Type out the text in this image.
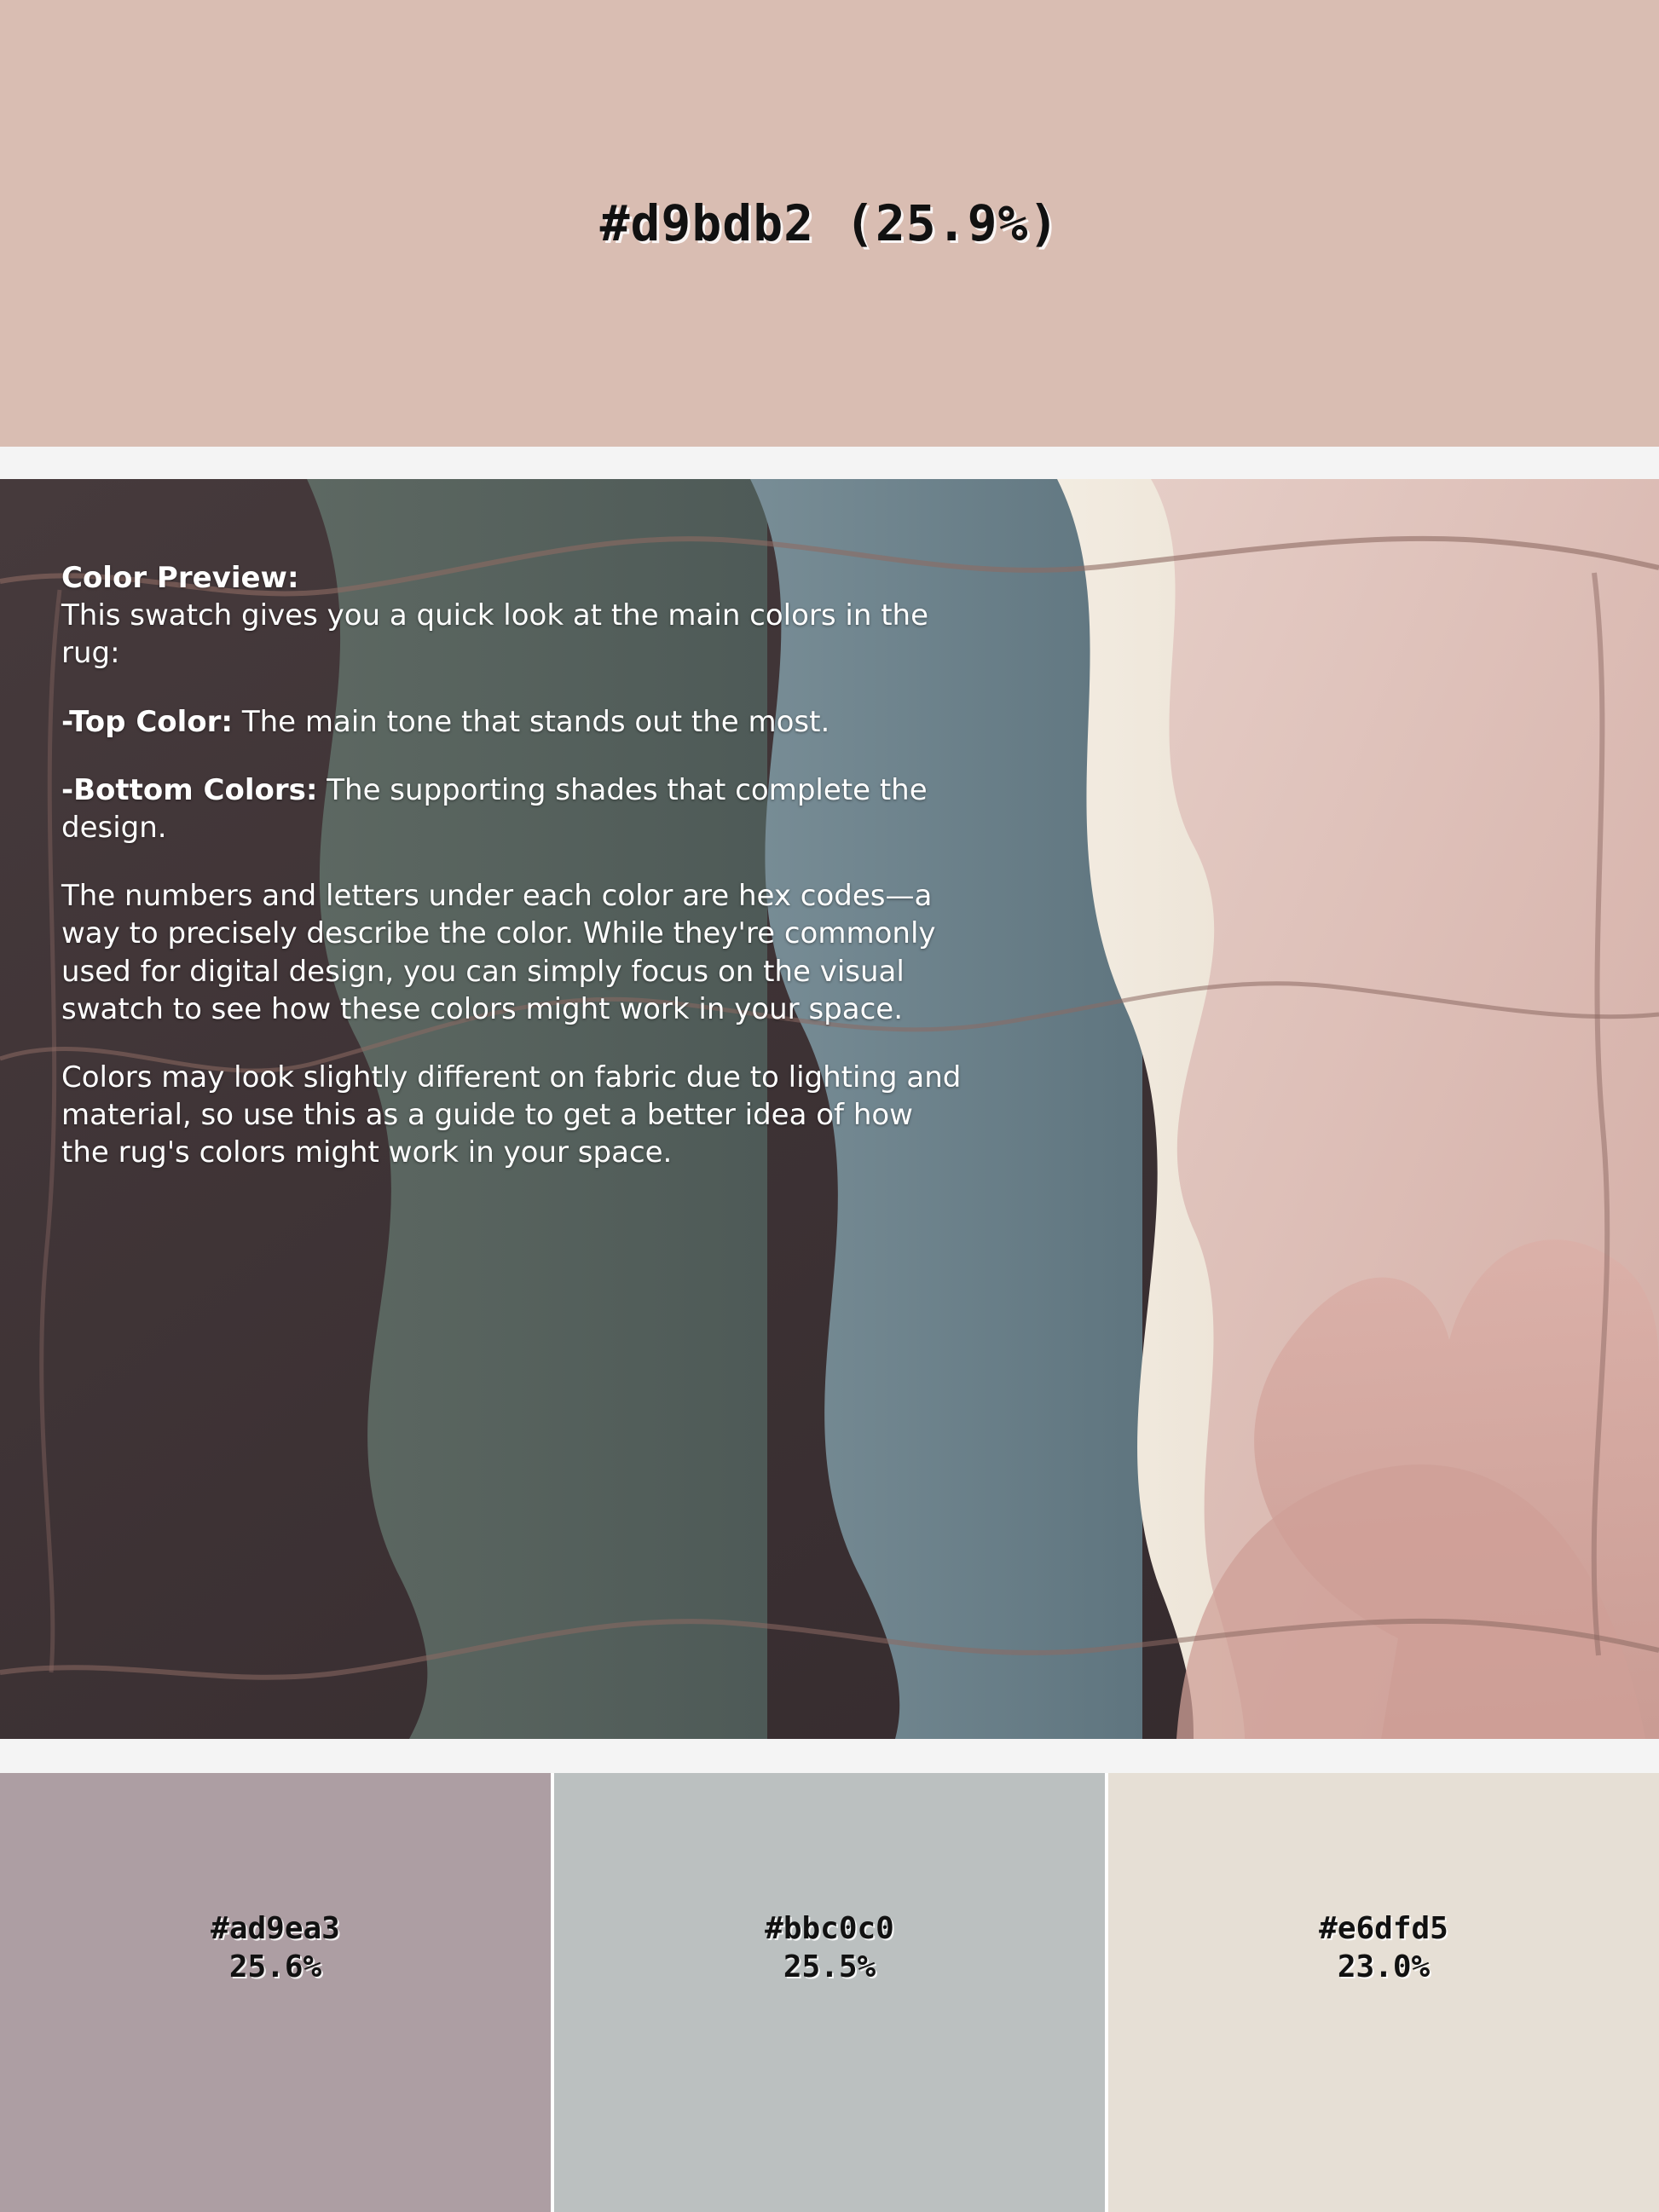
#d9bdb2 (25.9%)

Color Preview:
This swatch gives you a quick look at the main colors in the rug:

-Top Color: The main tone that stands out the most.

-Bottom Colors: The supporting shades that complete the design.

The numbers and letters under each color are hex codes—a way to precisely describe the color. While they're commonly used for digital design, you can simply focus on the visual swatch to see how these colors might work in your space.

Colors may look slightly different on fabric due to lighting and material, so use this as a guide to get a better idea of how the rug's colors might work in your space.

#ad9ea3
25.6%
#bbc0c0
25.5%
#e6dfd5
23.0%
